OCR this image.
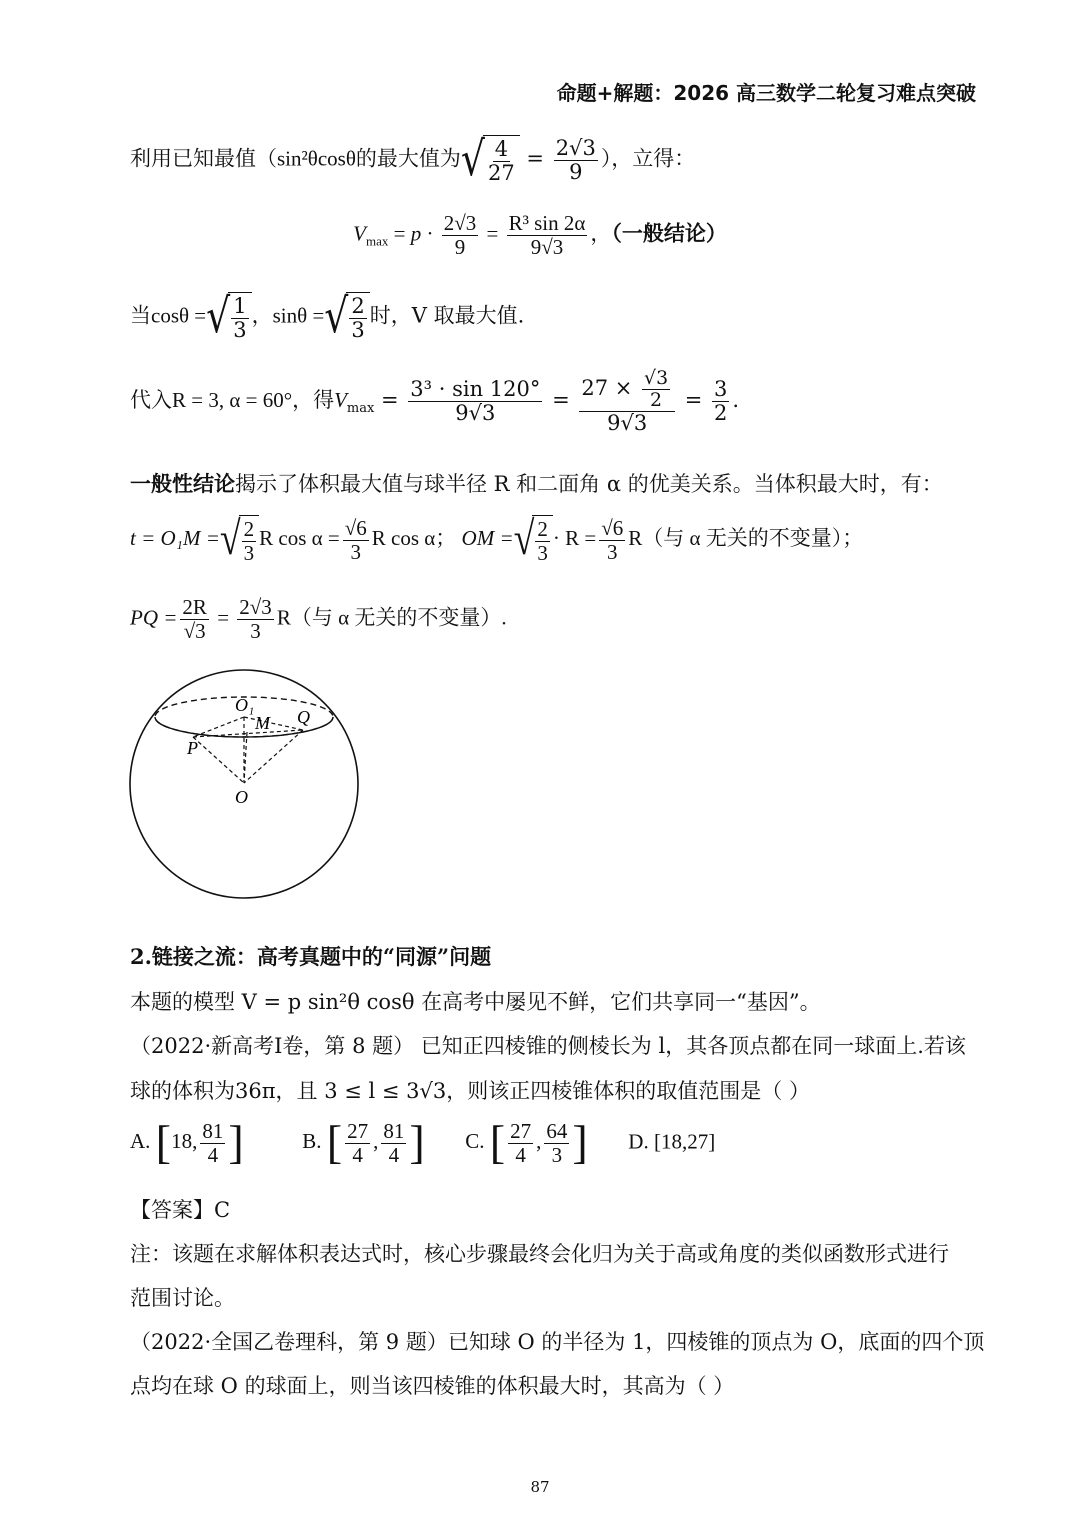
命题+解题：2026 高三数学二轮复习难点突破
利用已知最值（sin²θcosθ的最大值为 √ $\frac{4}{27} = \frac{2√3}{9}$ ），立得：
$V_{max} = p \cdot \frac{2√3}{9} = \frac{\text{R³ sin 2α}}{9√3}$ ，（一般结论）
当cosθ = √ $\frac{1}{3}$ ，sinθ = √ $\frac{2}{3}$ 时，V 取最大值.
代入R = 3, α = 60°，得$V_{max} = \frac{\text{3³ · sin 120°}}{9√3} = \frac{27 \times \frac{√3}{2}}{9√3} = \frac{3}{2}$ .
一般性结论揭示了体积最大值与球半径 R 和二面角 α 的优美关系。当体积最大时，有：
t = O₁M = √ $\frac{2}{3}$ R $\cos \alpha = \frac{√6}{3}$ R cos α； OM = √ $\frac{2}{3} \cdot R = \frac{√6}{3} R$（与 α 无关的不变量）；
PQ = $\frac{2R}{√3} = \frac{2√3}{3} R$（与 α 无关的不变量）.
O₁
M Q
P
O
2.链接之流：高考真题中的“同源”问题
本题的模型 V = p sin²θ cosθ 在高考中屡见不鲜，它们共享同一“基因”。
（2022·新高考I卷，第 8 题） 已知正四棱锥的侧棱长为 l，其各顶点都在同一球面上.若该
球的体积为36π，且 3 ≤ l ≤ 3√3，则该正四棱锥体积的取值范围是（ ）
A. [18, $\frac{81}{4}$ ]	B. [ $\frac{27}{4}$ , $\frac{81}{4}$ ] C. [ $\frac{27}{4}$ , $\frac{64}{3}$ ] D. [18,27]
【答案】C
注：该题在求解体积表达式时，核心步骤最终会化归为关于高或角度的类似函数形式进行
范围讨论。
（2022·全国乙卷理科，第 9 题）已知球 O 的半径为 1，四棱锥的顶点为 O，底面的四个顶
点均在球 O 的球面上，则当该四棱锥的体积最大时，其高为（ ）
87
